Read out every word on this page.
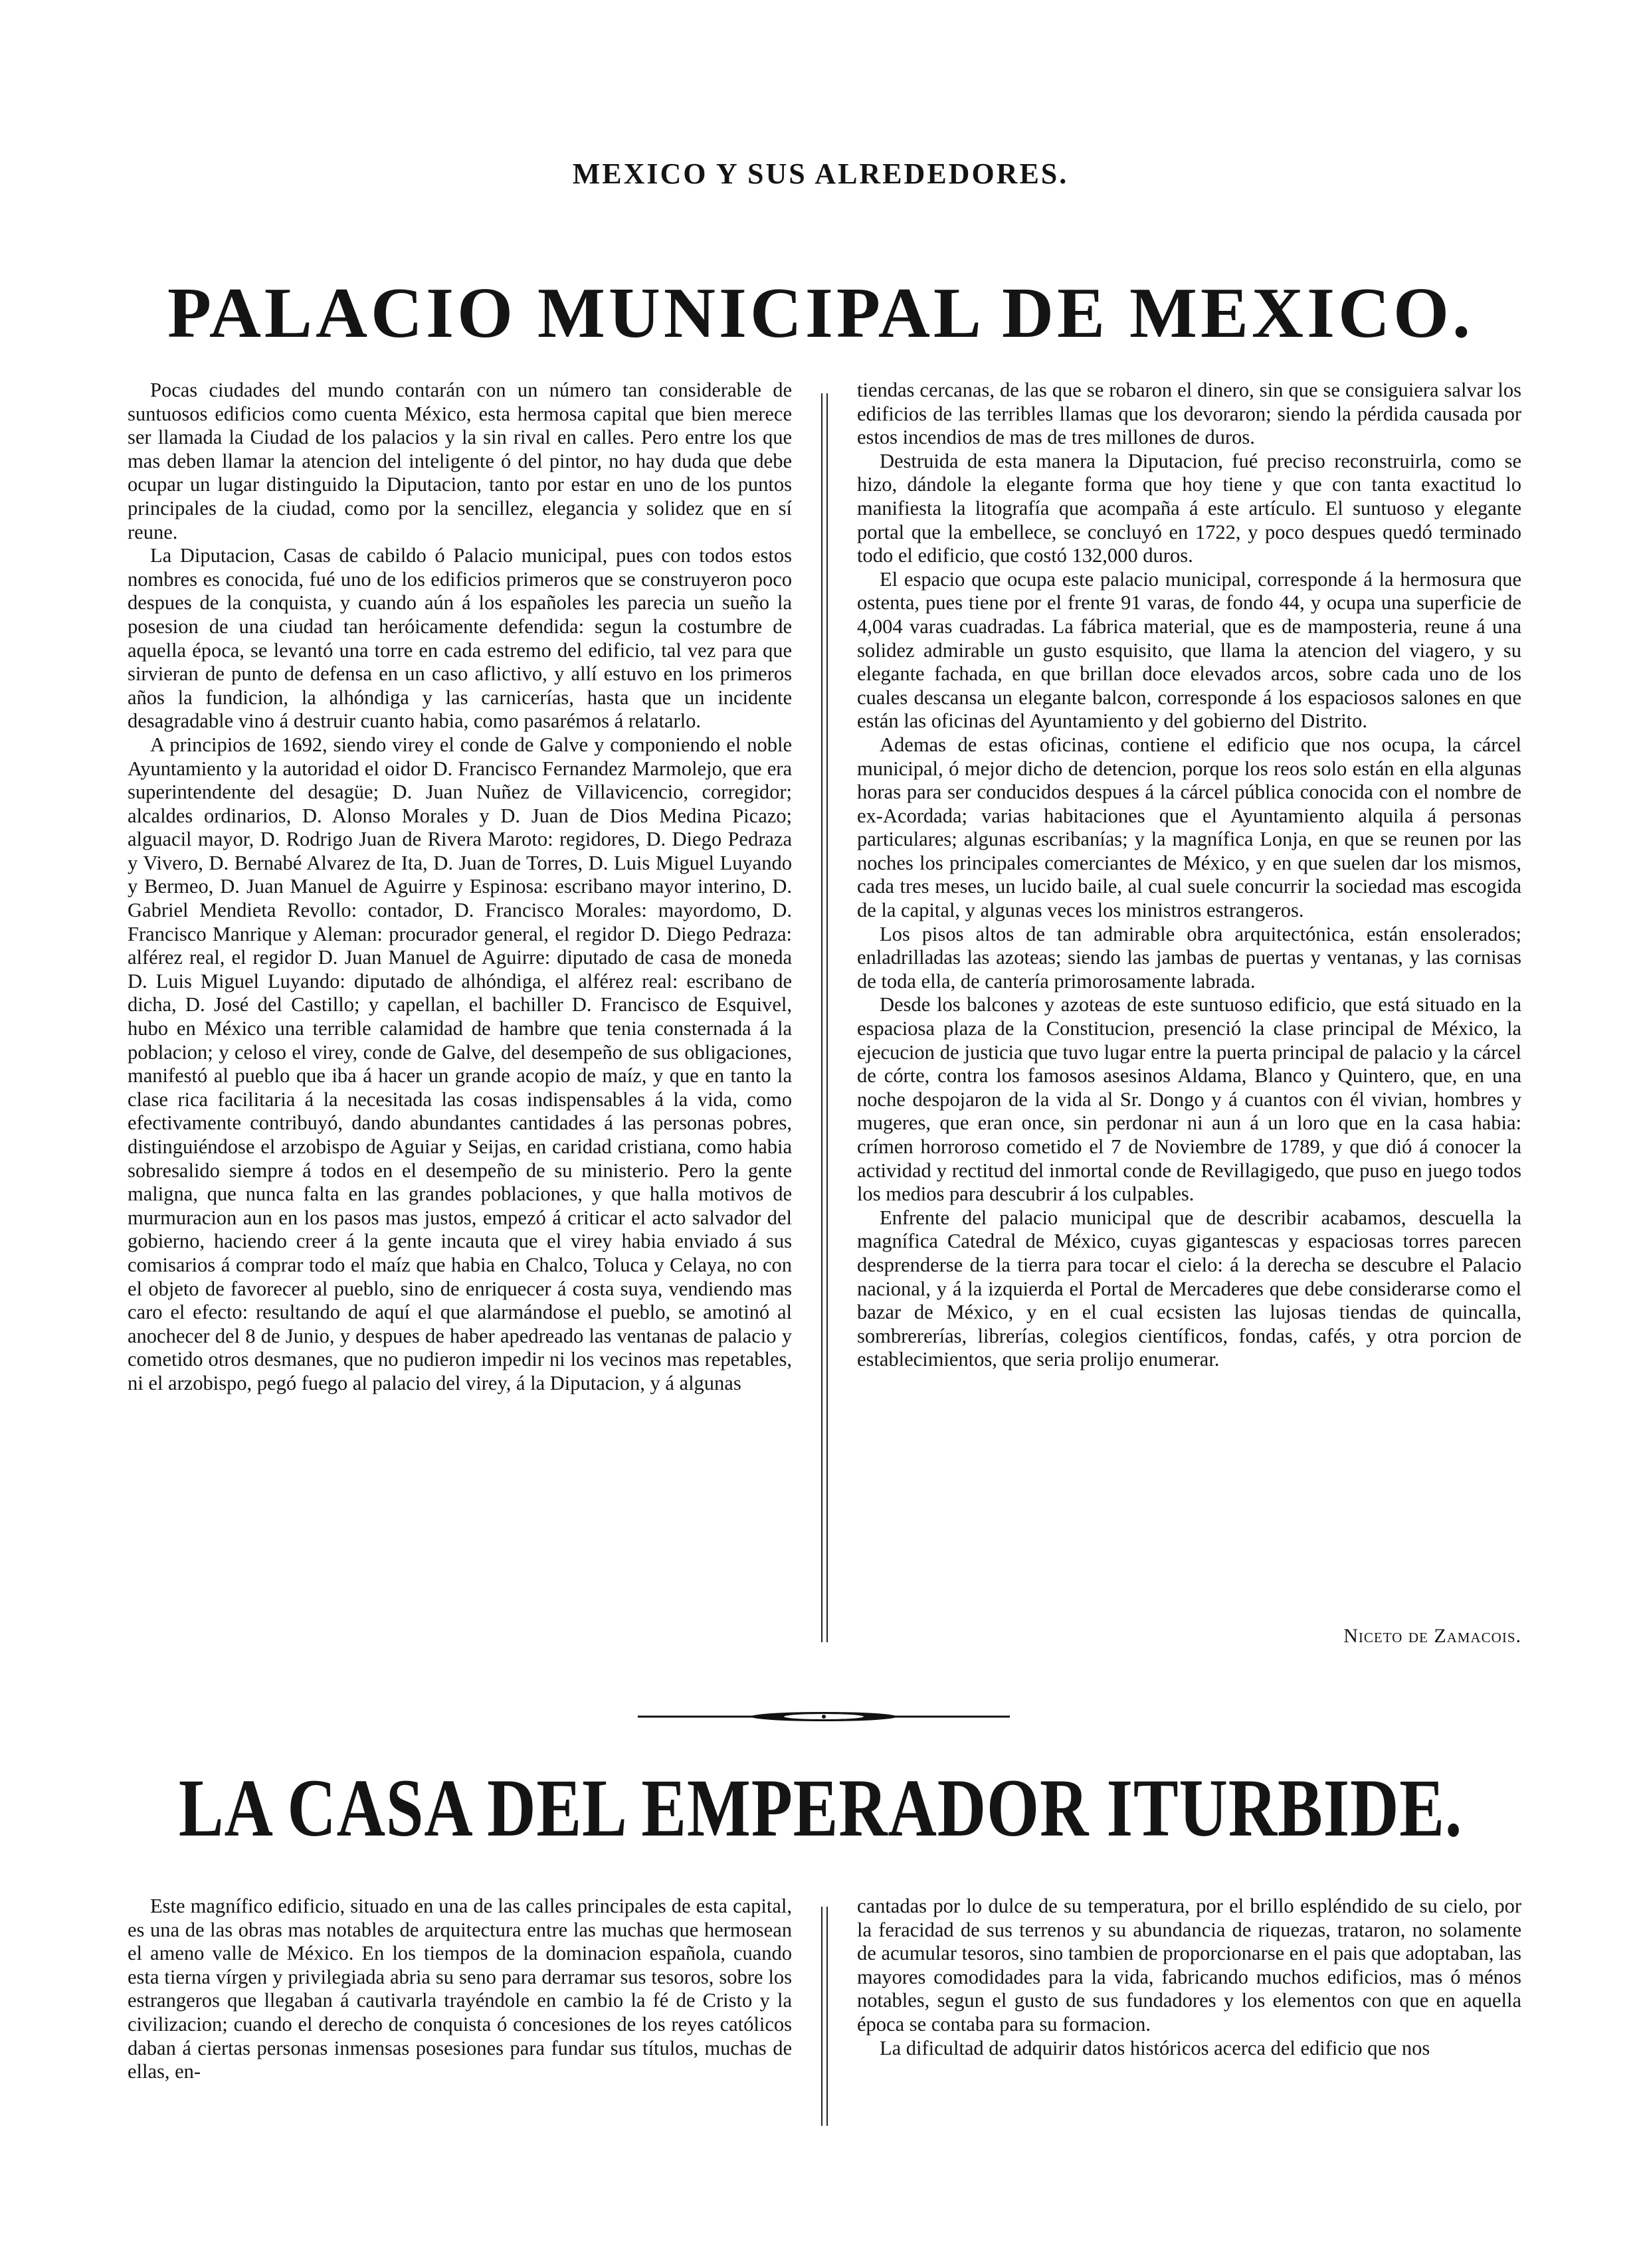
MEXICO Y SUS ALREDEDORES.
PALACIO MUNICIPAL DE MEXICO.

Pocas ciudades del mundo contarán con un número tan considerable de suntuosos edificios como cuenta México, esta hermosa capital que bien merece ser llamada la Ciudad de los palacios y la sin rival en calles. Pero entre los que mas deben llamar la atencion del inteligente ó del pintor, no hay duda que debe ocupar un lugar distinguido la Diputacion, tanto por estar en uno de los puntos principales de la ciudad, como por la sencillez, elegancia y solidez que en sí reune.

La Diputacion, Casas de cabildo ó Palacio municipal, pues con todos estos nombres es conocida, fué uno de los edificios primeros que se construyeron poco despues de la conquista, y cuando aún á los españoles les parecia un sueño la posesion de una ciudad tan heróicamente defendida: segun la costumbre de aquella época, se levantó una torre en cada estremo del edificio, tal vez para que sirvieran de punto de defensa en un caso aflictivo, y allí estuvo en los primeros años la fundicion, la alhóndiga y las carnicerías, hasta que un incidente desagradable vino á destruir cuanto habia, como pasarémos á relatarlo.

A principios de 1692, siendo virey el conde de Galve y componiendo el noble Ayuntamiento y la autoridad el oidor D. Francisco Fernandez Marmolejo, que era superintendente del desagüe; D. Juan Nuñez de Villavicencio, corregidor; alcaldes ordinarios, D. Alonso Morales y D. Juan de Dios Medina Picazo; alguacil mayor, D. Rodrigo Juan de Rivera Maroto: regidores, D. Diego Pedraza y Vivero, D. Bernabé Alvarez de Ita, D. Juan de Torres, D. Luis Miguel Luyando y Bermeo, D. Juan Manuel de Aguirre y Espinosa: escribano mayor interino, D. Gabriel Mendieta Revollo: contador, D. Francisco Morales: mayordomo, D. Francisco Manrique y Aleman: procurador general, el regidor D. Diego Pedraza: alférez real, el regidor D. Juan Manuel de Aguirre: diputado de casa de moneda D. Luis Miguel Luyando: diputado de alhóndiga, el alférez real: escribano de dicha, D. José del Castillo; y capellan, el bachiller D. Francisco de Esquivel, hubo en México una terrible calamidad de hambre que tenia consternada á la poblacion; y celoso el virey, conde de Galve, del desempeño de sus obligaciones, manifestó al pueblo que iba á hacer un grande acopio de maíz, y que en tanto la clase rica facilitaria á la necesitada las cosas indispensables á la vida, como efectivamente contribuyó, dando abundantes cantidades á las personas pobres, distinguiéndose el arzobispo de Aguiar y Seijas, en caridad cristiana, como habia sobresalido siempre á todos en el desempeño de su ministerio. Pero la gente maligna, que nunca falta en las grandes poblaciones, y que halla motivos de murmuracion aun en los pasos mas justos, empezó á criticar el acto salvador del gobierno, haciendo creer á la gente incauta que el virey habia enviado á sus comisarios á comprar todo el maíz que habia en Chalco, Toluca y Celaya, no con el objeto de favorecer al pueblo, sino de enriquecer á costa suya, vendiendo mas caro el efecto: resultando de aquí el que alarmándose el pueblo, se amotinó al anochecer del 8 de Junio, y despues de haber apedreado las ventanas de palacio y cometido otros desmanes, que no pudieron impedir ni los vecinos mas repetables, ni el arzobispo, pegó fuego al palacio del virey, á la Diputacion, y á algunas

tiendas cercanas, de las que se robaron el dinero, sin que se consiguiera salvar los edificios de las terribles llamas que los devoraron; siendo la pérdida causada por estos incendios de mas de tres millones de duros.

Destruida de esta manera la Diputacion, fué preciso reconstruirla, como se hizo, dándole la elegante forma que hoy tiene y que con tanta exactitud lo manifiesta la litografía que acompaña á este artículo. El suntuoso y elegante portal que la embellece, se concluyó en 1722, y poco despues quedó terminado todo el edificio, que costó 132,000 duros.

El espacio que ocupa este palacio municipal, corresponde á la hermosura que ostenta, pues tiene por el frente 91 varas, de fondo 44, y ocupa una superficie de 4,004 varas cuadradas. La fábrica material, que es de mamposteria, reune á una solidez admirable un gusto esquisito, que llama la atencion del viagero, y su elegante fachada, en que brillan doce elevados arcos, sobre cada uno de los cuales descansa un elegante balcon, corresponde á los espaciosos salones en que están las oficinas del Ayuntamiento y del gobierno del Distrito.

Ademas de estas oficinas, contiene el edificio que nos ocupa, la cárcel municipal, ó mejor dicho de detencion, porque los reos solo están en ella algunas horas para ser conducidos despues á la cárcel pública conocida con el nombre de ex-Acordada; varias habitaciones que el Ayuntamiento alquila á personas particulares; algunas escribanías; y la magnífica Lonja, en que se reunen por las noches los principales comerciantes de México, y en que suelen dar los mismos, cada tres meses, un lucido baile, al cual suele concurrir la sociedad mas escogida de la capital, y algunas veces los ministros estrangeros.

Los pisos altos de tan admirable obra arquitectónica, están ensolerados; enladrilladas las azoteas; siendo las jambas de puertas y ventanas, y las cornisas de toda ella, de cantería primorosamente labrada.

Desde los balcones y azoteas de este suntuoso edificio, que está situado en la espaciosa plaza de la Constitucion, presenció la clase principal de México, la ejecucion de justicia que tuvo lugar entre la puerta principal de palacio y la cárcel de córte, contra los famosos asesinos Aldama, Blanco y Quintero, que, en una noche despojaron de la vida al Sr. Dongo y á cuantos con él vivian, hombres y mugeres, que eran once, sin perdonar ni aun á un loro que en la casa habia: crímen horroroso cometido el 7 de Noviembre de 1789, y que dió á conocer la actividad y rectitud del inmortal conde de Revillagigedo, que puso en juego todos los medios para descubrir á los culpables.

Enfrente del palacio municipal que de describir acabamos, descuella la magnífica Catedral de México, cuyas gigantescas y espaciosas torres parecen desprenderse de la tierra para tocar el cielo: á la derecha se descubre el Palacio nacional, y á la izquierda el Portal de Mercaderes que debe considerarse como el bazar de México, y en el cual ecsisten las lujosas tiendas de quincalla, sombrererías, librerías, colegios científicos, fondas, cafés, y otra porcion de establecimientos, que seria prolijo enumerar.

Niceto de Zamacois.
LA CASA DEL EMPERADOR ITURBIDE.

Este magnífico edificio, situado en una de las calles principales de esta capital, es una de las obras mas notables de arquitectura entre las muchas que hermosean el ameno valle de México. En los tiempos de la dominacion española, cuando esta tierna vírgen y privilegiada abria su seno para derramar sus tesoros, sobre los estrangeros que llegaban á cautivarla trayéndole en cambio la fé de Cristo y la civilizacion; cuando el derecho de conquista ó concesiones de los reyes católicos daban á ciertas personas inmensas posesiones para fundar sus títulos, muchas de ellas, en-

cantadas por lo dulce de su temperatura, por el brillo espléndido de su cielo, por la feracidad de sus terrenos y su abundancia de riquezas, trataron, no solamente de acumular tesoros, sino tambien de proporcionarse en el pais que adoptaban, las mayores comodidades para la vida, fabricando muchos edificios, mas ó ménos notables, segun el gusto de sus fundadores y los elementos con que en aquella época se contaba para su formacion.

La dificultad de adquirir datos históricos acerca del edificio que nos
